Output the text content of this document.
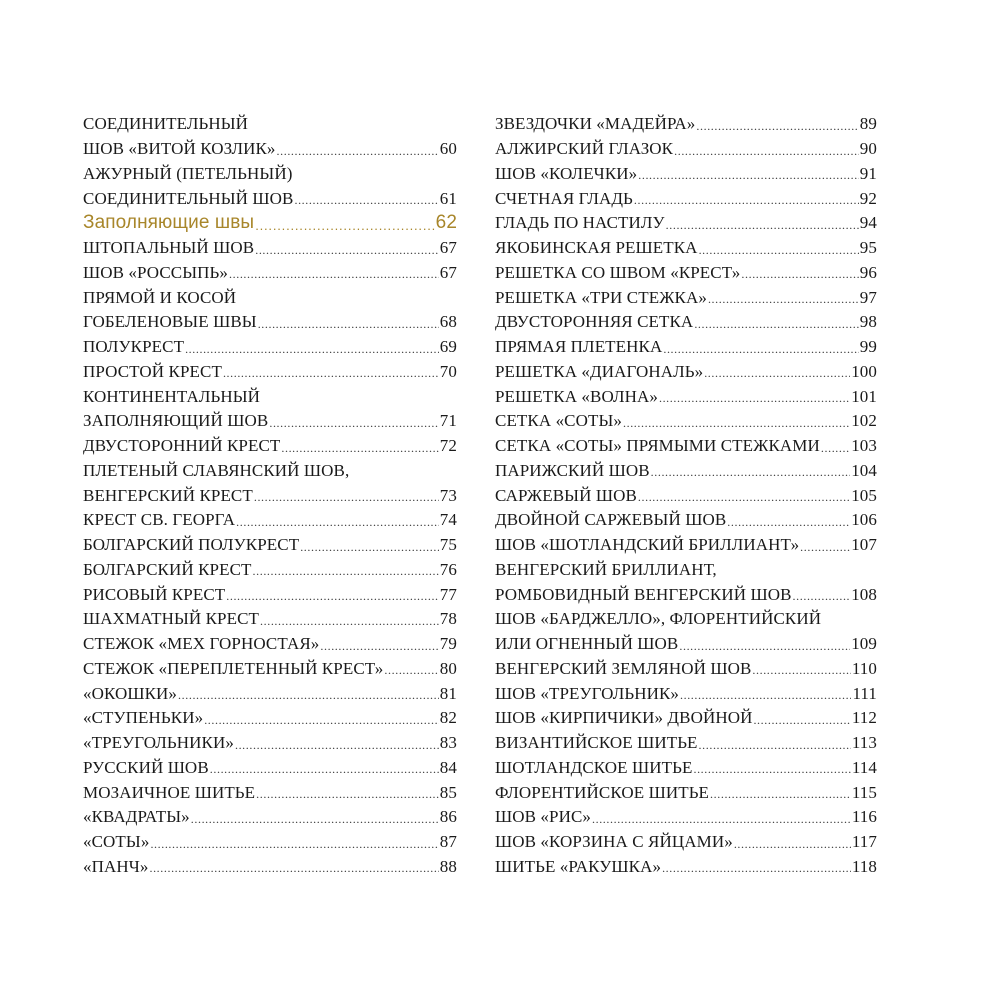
СОЕДИНИТЕЛЬНЫЙ
ШОВ «ВИТОЙ КОЗЛИК» .....	60
АЖУРНЫЙ (ПЕТЕЛЬНЫЙ)
СОЕДИНИТЕЛЬНЫЙ ШОВ .....	61
Заполняющие швы .....	62
ШТОПАЛЬНЫЙ ШОВ .....	67
ШОВ «РОССЫПЬ» .....	67
ПРЯМОЙ И КОСОЙ
ГОБЕЛЕНОВЫЕ ШВЫ .....	68
ПОЛУКРЕСТ .....	69
ПРОСТОЙ КРЕСТ .....	70
КОНТИНЕНТАЛЬНЫЙ
ЗАПОЛНЯЮЩИЙ ШОВ .....	71
ДВУСТОРОННИЙ КРЕСТ .....	72
ПЛЕТЕНЫЙ СЛАВЯНСКИЙ ШОВ,
ВЕНГЕРСКИЙ КРЕСТ .....	73
КРЕСТ СВ. ГЕОРГА .....	74
БОЛГАРСКИЙ ПОЛУКРЕСТ .....	75
БОЛГАРСКИЙ КРЕСТ .....	76
РИСОВЫЙ КРЕСТ .....	77
ШАХМАТНЫЙ КРЕСТ .....	78
СТЕЖОК «МЕХ ГОРНОСТАЯ» .....	79
СТЕЖОК «ПЕРЕПЛЕТЕННЫЙ КРЕСТ» .....	80
«ОКОШКИ» .....	81
«СТУПЕНЬКИ» .....	82
«ТРЕУГОЛЬНИКИ» .....	83
РУССКИЙ ШОВ .....	84
МОЗАИЧНОЕ ШИТЬЕ .....	85
«КВАДРАТЫ» .....	86
«СОТЫ» .....	87
«ПАНЧ» .....	88
ЗВЕЗДОЧКИ «МАДЕЙРА» .....	89
АЛЖИРСКИЙ ГЛАЗОК .....	90
ШОВ «КОЛЕЧКИ» .....	91
СЧЕТНАЯ ГЛАДЬ .....	92
ГЛАДЬ ПО НАСТИЛУ .....	94
ЯКОБИНСКАЯ РЕШЕТКА .....	95
РЕШЕТКА СО ШВОМ «КРЕСТ» .....	96
РЕШЕТКА «ТРИ СТЕЖКА» .....	97
ДВУСТОРОННЯЯ СЕТКА .....	98
ПРЯМАЯ ПЛЕТЕНКА .....	99
РЕШЕТКА «ДИАГОНАЛЬ» .....	100
РЕШЕТКА «ВОЛНА» .....	101
СЕТКА «СОТЫ» .....	102
СЕТКА «СОТЫ» ПРЯМЫМИ СТЕЖКАМИ ..... 103
ПАРИЖСКИЙ ШОВ .....	104
САРЖЕВЫЙ ШОВ .....	105
ДВОЙНОЙ САРЖЕВЫЙ ШОВ .....	106
ШОВ «ШОТЛАНДСКИЙ БРИЛЛИАНТ» .....	107
ВЕНГЕРСКИЙ БРИЛЛИАНТ,
РОМБОВИДНЫЙ ВЕНГЕРСКИЙ ШОВ .....	108
ШОВ «БАРДЖЕЛЛО», ФЛОРЕНТИЙСКИЙ
ИЛИ ОГНЕННЫЙ ШОВ .....	109
ВЕНГЕРСКИЙ ЗЕМЛЯНОЙ ШОВ .....	110
ШОВ «ТРЕУГОЛЬНИК» .....	111
ШОВ «КИРПИЧИКИ» ДВОЙНОЙ .....	112
ВИЗАНТИЙСКОЕ ШИТЬЕ .....	113
ШОТЛАНДСКОЕ ШИТЬЕ .....	114
ФЛОРЕНТИЙСКОЕ ШИТЬЕ .....	115
ШОВ «РИС» .....	116
ШОВ «КОРЗИНА С ЯЙЦАМИ» .....	117
ШИТЬЕ «РАКУШКА» .....	118
